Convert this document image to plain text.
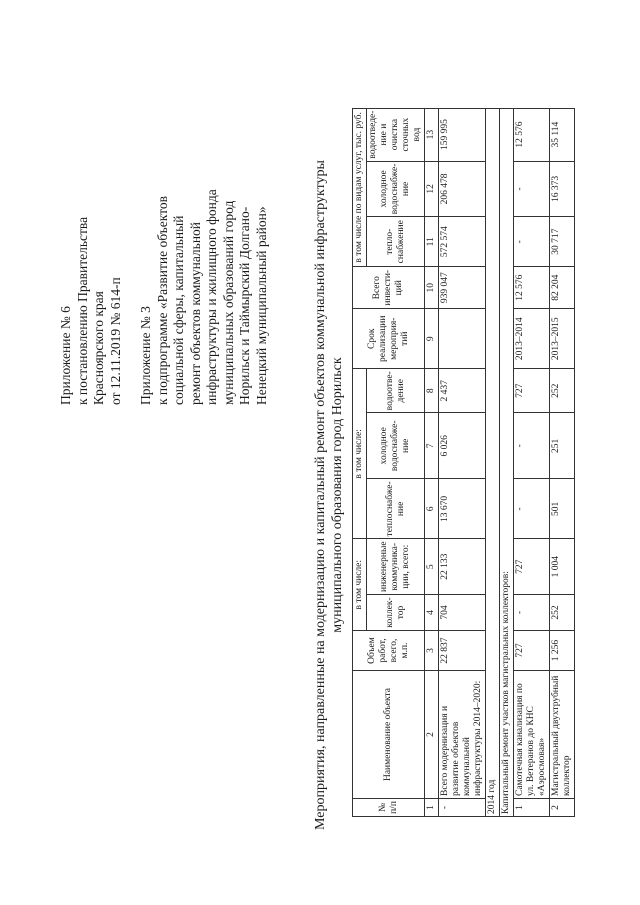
Приложение № 6 к постановлению Правительства Красноярского края от 12.11.2019 № 614-п Приложение № 3 к подпрограмме «Развитие объектов социальной сферы, капитальный ремонт объектов коммунальной инфраструктуры и жилищного фонда муниципальных образований город Норильск и Таймырский Долгано- Ненецкий муниципальный район»	Мероприятия, направленные на модернизацию и капитальный ремонт объектов коммунальной инфраструктуры муниципального образования город Норильск
№ п/п	Наименование объекта	Объем работ, всего, м.п.	в том числе:		в том числе:			Срок реализации мероприя-тий	Всего инвести-ций	в том числе по видам услуг, тыс. руб.		
			коллек-тор	инженерные коммуника-ции, всего:	теплоснабже-ние	холодное водоснабже-ние	водоотве-дение			тепло-снабжение	холодное водоснабже-ние	водоотведе-ние и очистка сточных вод

1	2	3	4	5	6	7	8	9	10	11	12	13
-	Всего модернизация и развитие объектов коммунальной инфраструктуры 2014–2020:	22 837	704	22 133	13 670	6 026	2 437		939 047	572 574	206 478	159 995
2014 год												
Капитальный ремонт участков магистральных коллекторов:												
1	Самотечная канализация по ул. Ветеранов до КНС «Аэросмовая»	727	-	727	-	-	727	2013–2014	12 576	-	-	12 576
2	Магистральный двухтрубный коллектор	1 256	252	1 004	501	251	252	2013–2015	82 204	30 717	16 373	35 114
